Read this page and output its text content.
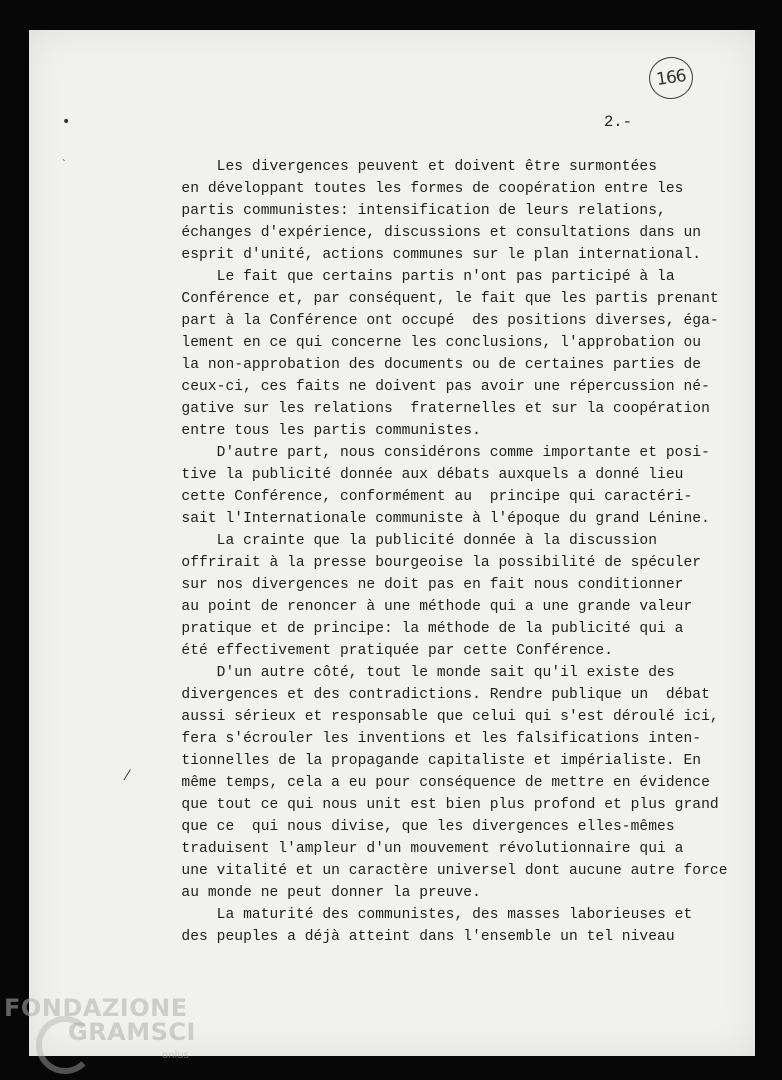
166
2.-
•
ˎ
⁄
Les divergences peuvent et doivent être surmontées
en développant toutes les formes de coopération entre les
partis communistes: intensification de leurs relations,
échanges d'expérience, discussions et consultations dans un
esprit d'unité, actions communes sur le plan international.
Le fait que certains partis n'ont pas participé à la
Conférence et, par conséquent, le fait que les partis prenant
part à la Conférence ont occupé  des positions diverses, éga-
lement en ce qui concerne les conclusions, l'approbation ou
la non-approbation des documents ou de certaines parties de
ceux-ci, ces faits ne doivent pas avoir une répercussion né-
gative sur les relations  fraternelles et sur la coopération
entre tous les partis communistes.
D'autre part, nous considérons comme importante et posi-
tive la publicité donnée aux débats auxquels a donné lieu
cette Conférence, conformément au  principe qui caractéri-
sait l'Internationale communiste à l'époque du grand Lénine.
La crainte que la publicité donnée à la discussion
offrirait à la presse bourgeoise la possibilité de spéculer
sur nos divergences ne doit pas en fait nous conditionner
au point de renoncer à une méthode qui a une grande valeur
pratique et de principe: la méthode de la publicité qui a
été effectivement pratiquée par cette Conférence.
D'un autre côté, tout le monde sait qu'il existe des
divergences et des contradictions. Rendre publique un  débat
aussi sérieux et responsable que celui qui s'est déroulé ici,
fera s'écrouler les inventions et les falsifications inten-
tionnelles de la propagande capitaliste et impérialiste. En
même temps, cela a eu pour conséquence de mettre en évidence
que tout ce qui nous unit est bien plus profond et plus grand
que ce  qui nous divise, que les divergences elles-mêmes
traduisent l'ampleur d'un mouvement révolutionnaire qui a
une vitalité et un caractère universel dont aucune autre force
au monde ne peut donner la preuve.
La maturité des communistes, des masses laborieuses et
des peuples a déjà atteint dans l'ensemble un tel niveau
FONDAZIONE
GRAMSCI
onlus
